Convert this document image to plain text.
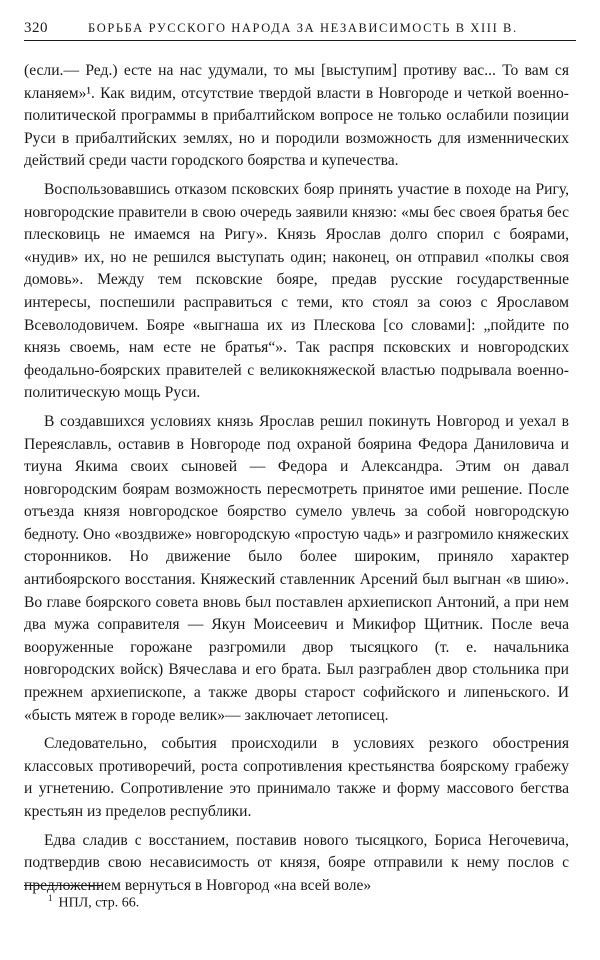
320	БОРЬБА РУССКОГО НАРОДА ЗА НЕЗАВИСИМОСТЬ В XIII В.

(если.— Ред.) есте на нас удумали, то мы [выступим] противу вас... То вам ся кланяем»¹. Как видим, отсутствие твердой власти в Новгороде и четкой военно-политической программы в прибалтийском вопросе не только ослабили позиции Руси в прибалтийских землях, но и породили возможность для изменнических действий среди части городского боярства и купечества.

Воспользовавшись отказом псковских бояр принять участие в походе на Ригу, новгородские правители в свою очередь заявили князю: «мы бес своея братья бес плесковиць не имаемся на Ригу». Князь Ярослав долго спорил с боярами, «нудив» их, но не решился выступать один; наконец, он отправил «полкы своя домовь». Между тем псковские бояре, предав русские государственные интересы, поспешили расправиться с теми, кто стоял за союз с Ярославом Всеволодовичем. Бояре «выгнаша их из Плескова [со словами]: „пойдите по князь своемь, нам есте не братья“». Так распря псковских и новгородских феодально-боярских правителей с великокняжеской властью подрывала военно-политическую мощь Руси.

В создавшихся условиях князь Ярослав решил покинуть Новгород и уехал в Переяславль, оставив в Новгороде под охраной боярина Федора Даниловича и тиуна Якима своих сыновей — Федора и Александра. Этим он давал новгородским боярам возможность пересмотреть принятое ими решение. После отъезда князя новгородское боярство сумело увлечь за собой новгородскую бедноту. Оно «воздвиже» новгородскую «простую чадь» и разгромило княжеских сторонников. Но движение было более широким, приняло характер антибоярского восстания. Княжеский ставленник Арсений был выгнан «в шию». Во главе боярского совета вновь был поставлен архиепископ Антоний, а при нем два мужа сопрaвителя — Якун Моисеевич и Микифор Щитник. После веча вооруженные горожане разгромили двор тысяцкого (т. е. начальника новгородских войск) Вячеслава и его брата. Был разграблен двор стольника при прежнем архиепископе, а также дворы старост софийского и липеньского. И «бысть мятеж в городе велик»— заключает летописец.

Следовательно, события происходили в условиях резкого обострения классовых противоречий, роста сопротивления крестьянства боярскому грабежу и угнетению. Сопротивление это принимало также и форму массового бегства крестьян из пределов республики.

Едва сладив с восстанием, поставив нового тысяцкого, Бориса Негочевича, подтвердив свою несависимость от князя, бояре отправили к нему послов с предложением вернуться в Новгород «на всей воле»

$^1$ НПЛ, стр. 66.
